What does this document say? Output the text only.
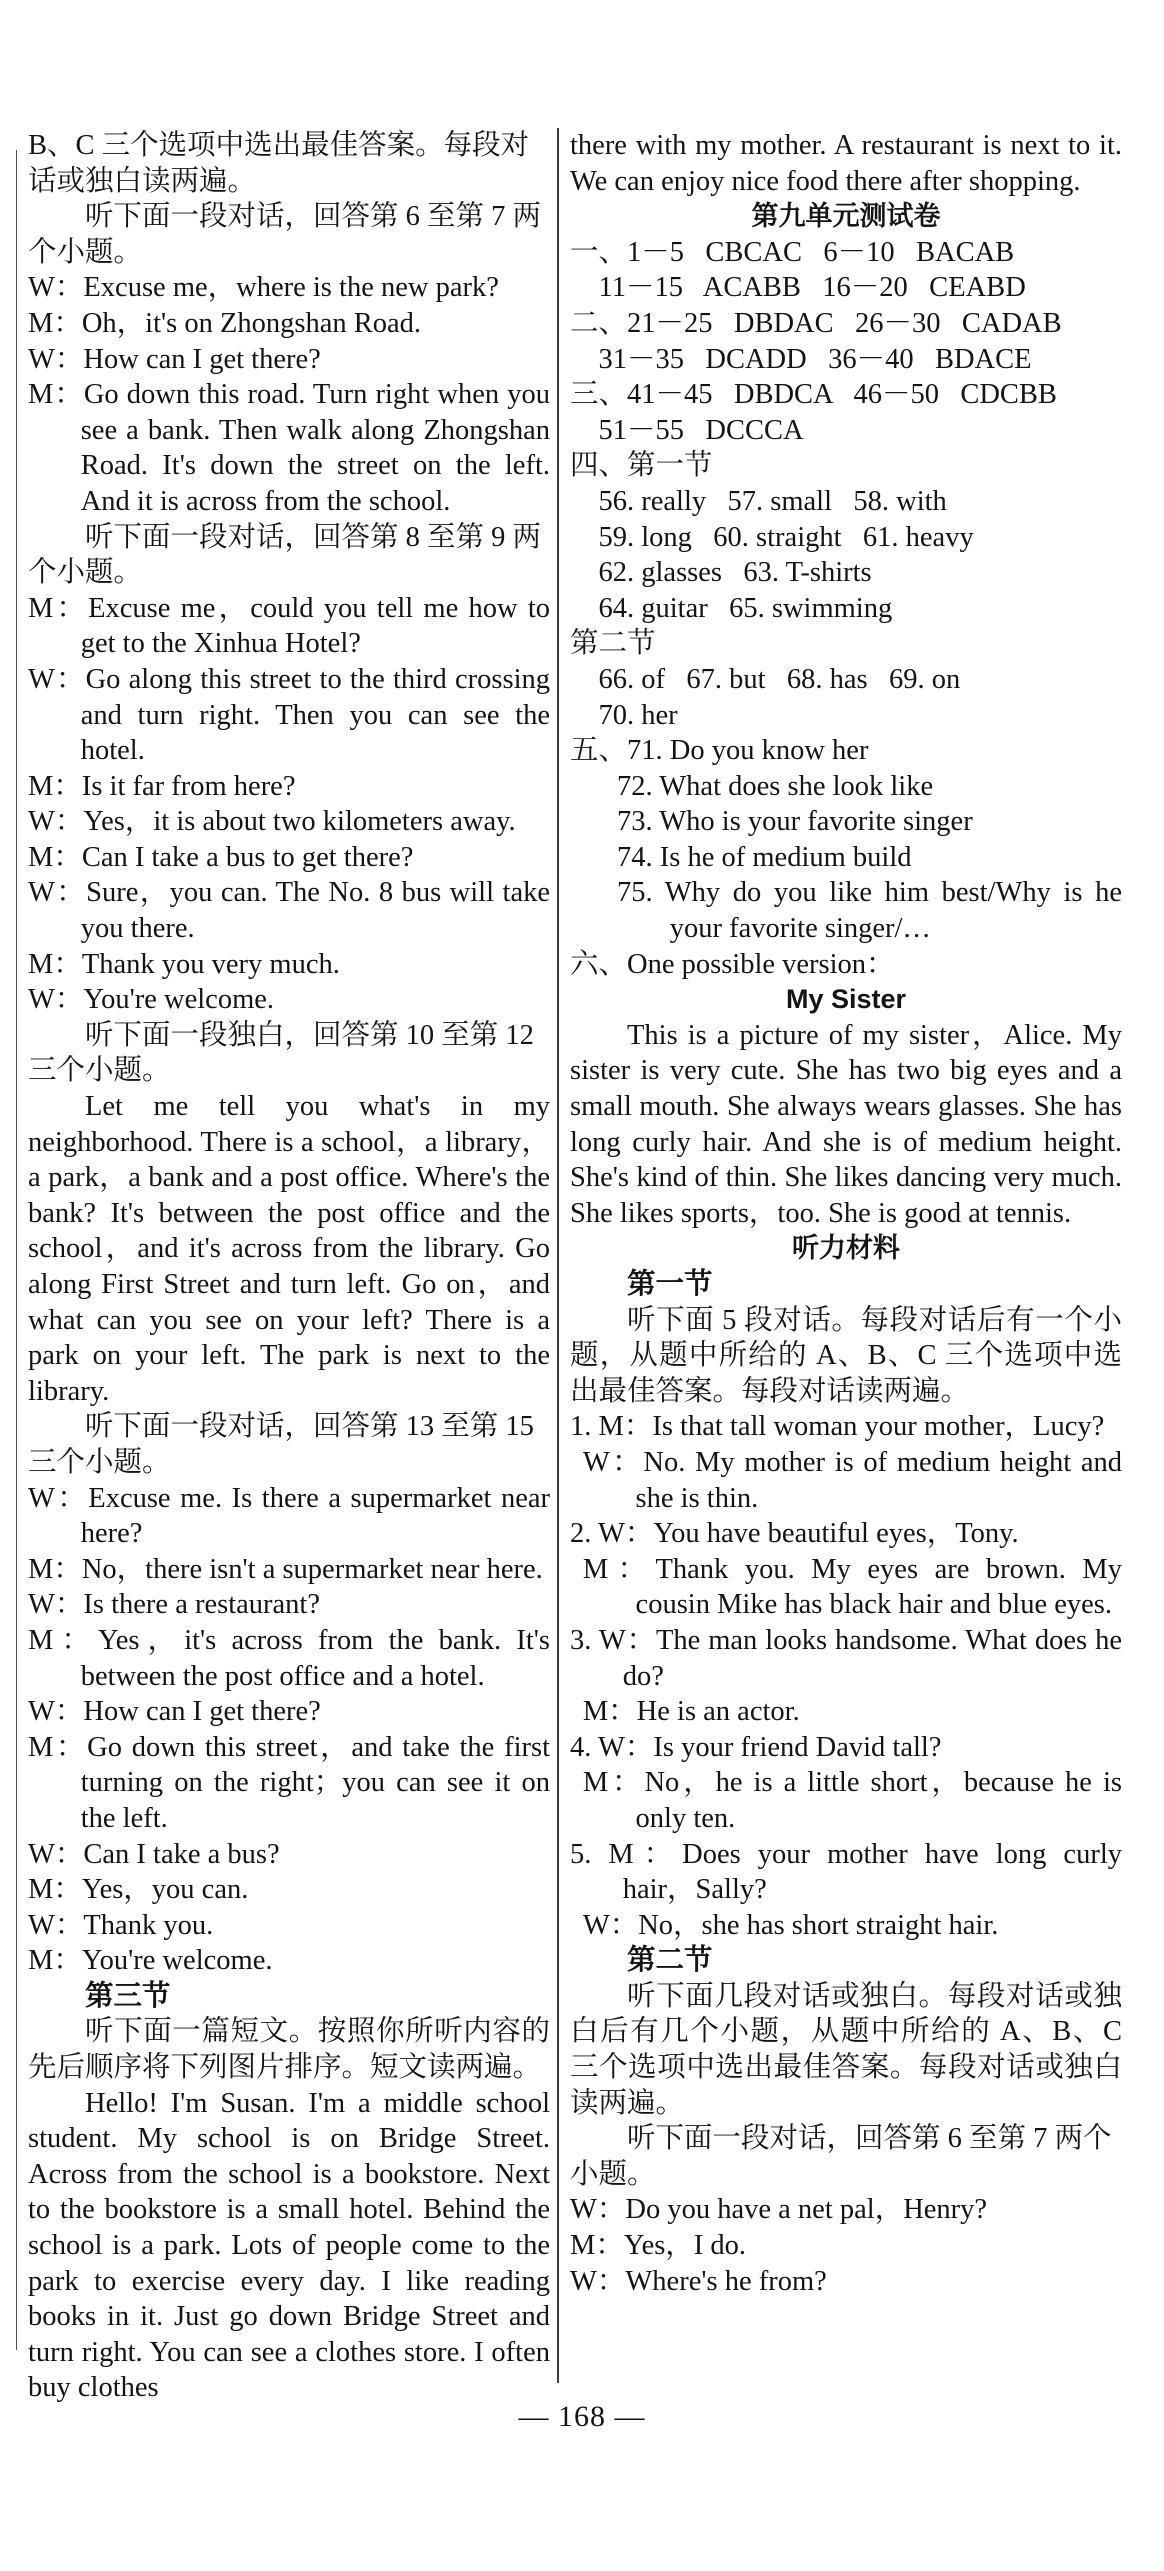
B、C 三个选项中选出最佳答案。每段对话或独白读两遍。
听下面一段对话，回答第 6 至第 7 两个小题。
W：Excuse me，where is the new park?
M：Oh，it's on Zhongshan Road.
W：How can I get there?
M：Go down this road. Turn right when you see a bank. Then walk along Zhongshan Road. It's down the street on the left. And it is across from the school.
听下面一段对话，回答第 8 至第 9 两个小题。
M：Excuse me，could you tell me how to get to the Xinhua Hotel?
W：Go along this street to the third crossing and turn right. Then you can see the hotel.
M：Is it far from here?
W：Yes，it is about two kilometers away.
M：Can I take a bus to get there?
W：Sure，you can. The No. 8 bus will take you there.
M：Thank you very much.
W：You're welcome.
听下面一段独白，回答第 10 至第 12 三个小题。
Let me tell you what's in my neighborhood. There is a school，a library，a park，a bank and a post office. Where's the bank? It's between the post office and the school，and it's across from the library. Go along First Street and turn left. Go on，and what can you see on your left? There is a park on your left. The park is next to the library.
听下面一段对话，回答第 13 至第 15 三个小题。
W：Excuse me. Is there a supermarket near here?
M：No，there isn't a supermarket near here.
W：Is there a restaurant?
M：Yes，it's across from the bank. It's between the post office and a hotel.
W：How can I get there?
M：Go down this street，and take the first turning on the right；you can see it on the left.
W：Can I take a bus?
M：Yes，you can.
W：Thank you.
M：You're welcome.
第三节
听下面一篇短文。按照你所听内容的先后顺序将下列图片排序。短文读两遍。
Hello! I'm Susan. I'm a middle school student. My school is on Bridge Street. Across from the school is a bookstore. Next to the bookstore is a small hotel. Behind the school is a park. Lots of people come to the park to exercise every day. I like reading books in it. Just go down Bridge Street and turn right. You can see a clothes store. I often buy clothes
there with my mother. A restaurant is next to it. We can enjoy nice food there after shopping.
第九单元测试卷
一、1－5   CBCAC   6－10   BACAB
11－15   ACABB   16－20   CEABD
二、21－25   DBDAC   26－30   CADAB
31－35   DCADD   36－40   BDACE
三、41－45   DBDCA   46－50   CDCBB
51－55   DCCCA
四、第一节
56. really   57. small   58. with
59. long   60. straight   61. heavy
62. glasses   63. T-shirts
64. guitar   65. swimming
第二节
66. of   67. but   68. has   69. on
70. her
五、71. Do you know her
72. What does she look like
73. Who is your favorite singer
74. Is he of medium build
75. Why do you like him best/Why is he your favorite singer/…
六、One possible version：
My Sister
This is a picture of my sister，Alice. My sister is very cute. She has two big eyes and a small mouth. She always wears glasses. She has long curly hair. And she is of medium height. She's kind of thin. She likes dancing very much. She likes sports，too. She is good at tennis.
听力材料
第一节
听下面 5 段对话。每段对话后有一个小题，从题中所给的 A、B、C 三个选项中选出最佳答案。每段对话读两遍。
1. M：Is that tall woman your mother，Lucy?
W：No. My mother is of medium height and she is thin.
2. W：You have beautiful eyes，Tony.
M：Thank you. My eyes are brown. My cousin Mike has black hair and blue eyes.
3. W：The man looks handsome. What does he do?
M：He is an actor.
4. W：Is your friend David tall?
M：No，he is a little short，because he is only ten.
5. M：Does your mother have long curly hair，Sally?
W：No，she has short straight hair.
第二节
听下面几段对话或独白。每段对话或独白后有几个小题，从题中所给的 A、B、C 三个选项中选出最佳答案。每段对话或独白读两遍。
听下面一段对话，回答第 6 至第 7 两个小题。
W：Do you have a net pal，Henry?
M：Yes，I do.
W：Where's he from?
— 168 —
